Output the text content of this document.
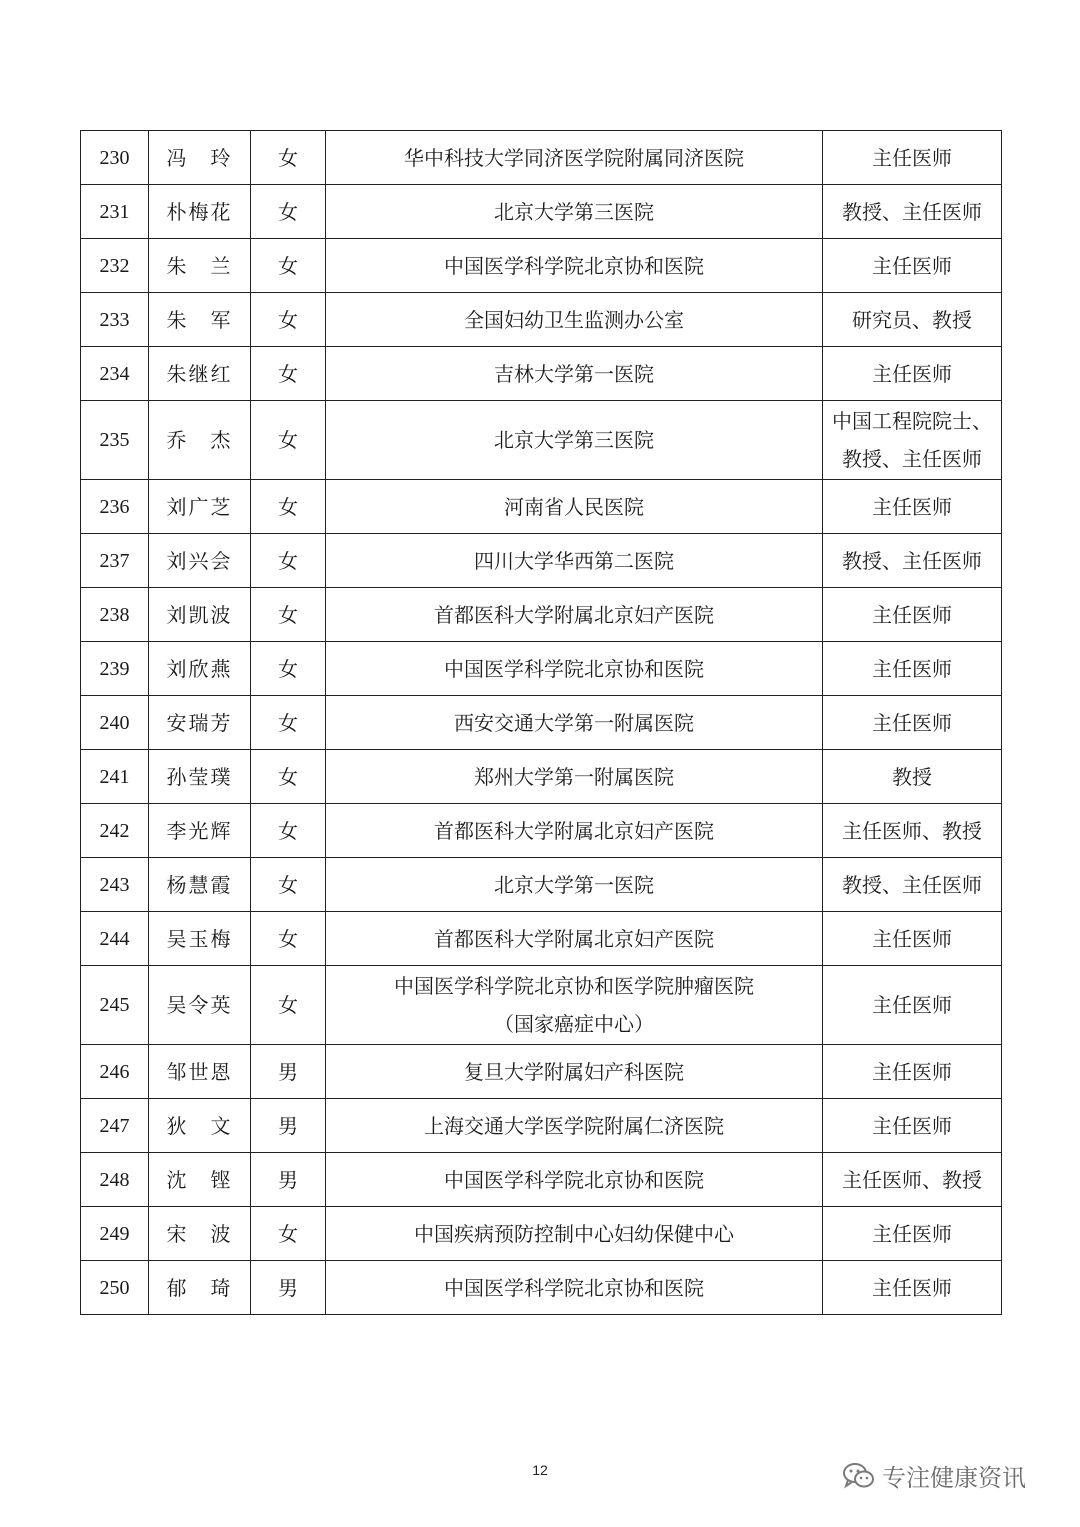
230	冯　玲	女	华中科技大学同济医学院附属同济医院	主任医师

231	朴梅花	女	北京大学第三医院	教授、主任医师

232	朱　兰	女	中国医学科学院北京协和医院	主任医师

233	朱　军	女	全国妇幼卫生监测办公室	研究员、教授

234	朱继红	女	吉林大学第一医院	主任医师

235	乔　杰	女	北京大学第三医院	中国工程院院士、
教授、主任医师

236	刘广芝	女	河南省人民医院	主任医师

237	刘兴会	女	四川大学华西第二医院	教授、主任医师

238	刘凯波	女	首都医科大学附属北京妇产医院	主任医师

239	刘欣燕	女	中国医学科学院北京协和医院	主任医师

240	安瑞芳	女	西安交通大学第一附属医院	主任医师

241	孙莹璞	女	郑州大学第一附属医院	教授

242	李光辉	女	首都医科大学附属北京妇产医院	主任医师、教授

243	杨慧霞	女	北京大学第一医院	教授、主任医师

244	吴玉梅	女	首都医科大学附属北京妇产医院	主任医师

245	吴令英	女	中国医学科学院北京协和医学院肿瘤医院
（国家癌症中心）	主任医师

246	邹世恩	男	复旦大学附属妇产科医院	主任医师

247	狄　文	男	上海交通大学医学院附属仁济医院	主任医师

248	沈　铿	男	中国医学科学院北京协和医院	主任医师、教授

249	宋　波	女	中国疾病预防控制中心妇幼保健中心	主任医师

250	郁　琦	男	中国医学科学院北京协和医院	主任医师
12	专注健康资讯
